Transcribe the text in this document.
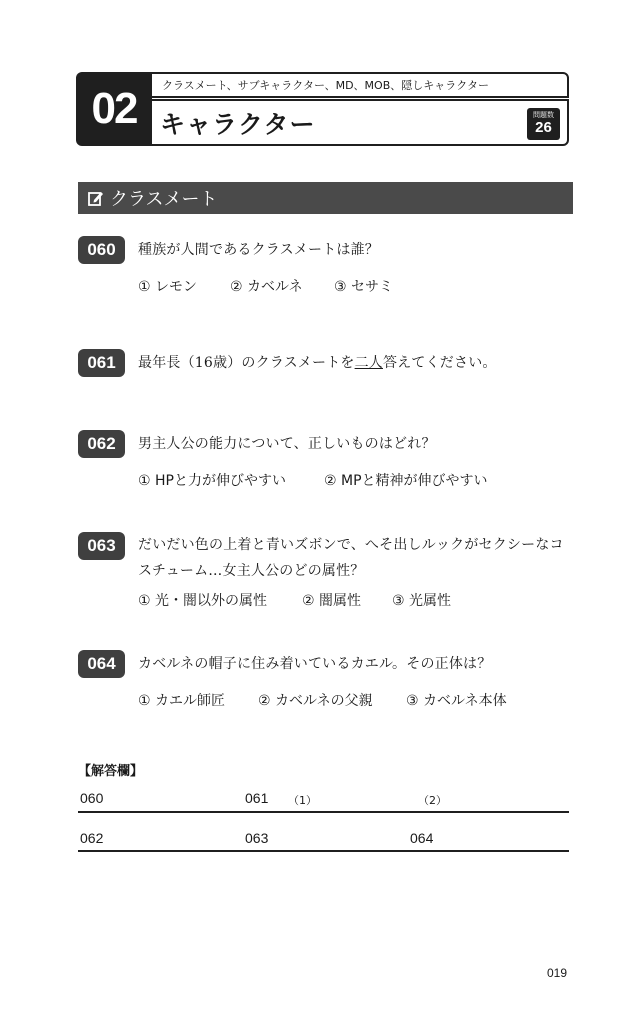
02 クラスメート、サブキャラクター、MD、MOB、隠しキャラクター
キャラクター	問題数
26
クラスメート
060	種族が人間であるクラスメートは誰？
① レモン	② カベルネ	③ セサミ
061	最年長（16歳）のクラスメートを二人答えてください。
062	男主人公の能力について、正しいものはどれ？
① HPと力が伸びやすい	② MPと精神が伸びやすい
063	だいだい色の上着と青いズボンで、へそ出しルックがセクシーなコスチューム…女主人公のどの属性？
① 光・闇以外の属性	② 闇属性	③ 光属性
064	カベルネの帽子に住み着いているカエル。その正体は？
① カエル師匠	② カベルネの父親	③ カベルネ本体
【解答欄】
060	061 （1）	（2）
062	063	064
019
